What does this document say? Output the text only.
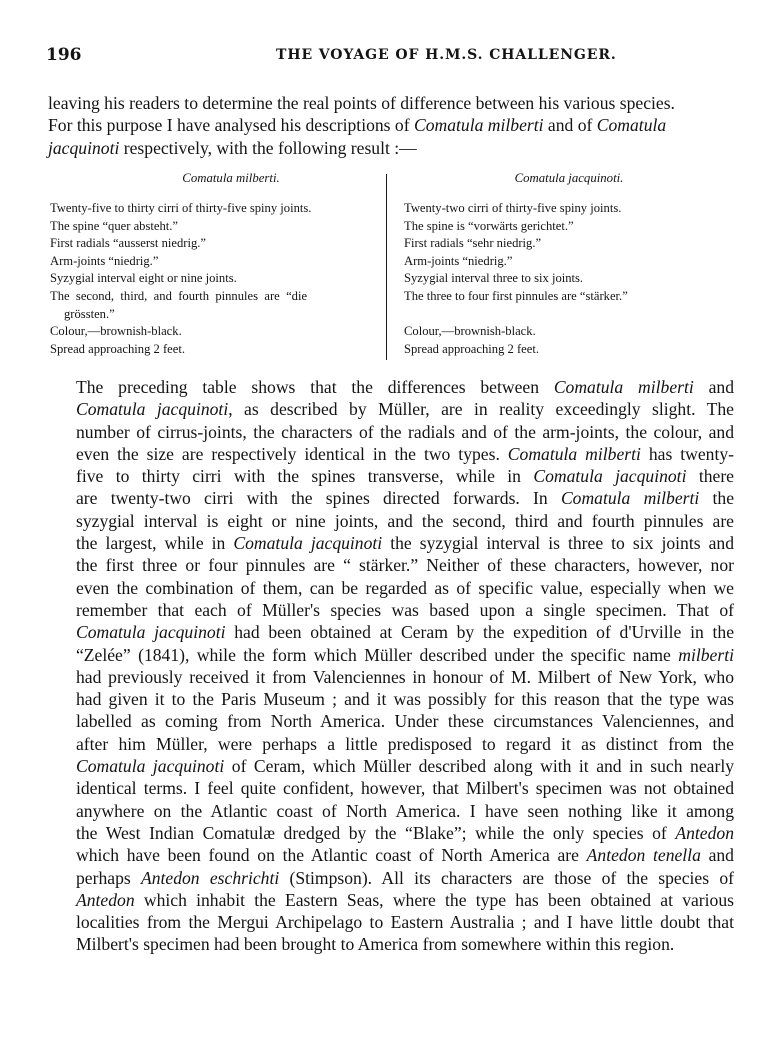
196	THE VOYAGE OF H.M.S. CHALLENGER.
leaving his readers to determine the real points of difference between his various species.
For this purpose I have analysed his descriptions of Comatula milberti and of Comatula
jacquinoti respectively, with the following result :—
Comatula milberti.
Twenty-five to thirty cirri of thirty-five spiny joints.
The spine “quer absteht.”
First radials “ausserst niedrig.”
Arm-joints “niedrig.”
Syzygial interval eight or nine joints.
The second, third, and fourth pinnules are “die
grössten.”
Colour,—brownish-black.
Spread approaching 2 feet.
Comatula jacquinoti.
Twenty-two cirri of thirty-five spiny joints.
The spine is “vorwärts gerichtet.”
First radials “sehr niedrig.”
Arm-joints “niedrig.”
Syzygial interval three to six joints.
The three to four first pinnules are “stärker.”
Colour,—brownish-black.
Spread approaching 2 feet.
The preceding table shows that the differences between Comatula milberti and
Comatula jacquinoti, as described by Müller, are in reality exceedingly slight. The
number of cirrus-joints, the characters of the radials and of the arm-joints, the colour, and
even the size are respectively identical in the two types. Comatula milberti has twenty-
five to thirty cirri with the spines transverse, while in Comatula jacquinoti there
are twenty-two cirri with the spines directed forwards. In Comatula milberti the
syzygial interval is eight or nine joints, and the second, third and fourth pinnules are
the largest, while in Comatula jacquinoti the syzygial interval is three to six joints and
the first three or four pinnules are “ stärker.” Neither of these characters, however, nor
even the combination of them, can be regarded as of specific value, especially when we
remember that each of Müller's species was based upon a single specimen. That of
Comatula jacquinoti had been obtained at Ceram by the expedition of d'Urville in the
“Zelée” (1841), while the form which Müller described under the specific name milberti
had previously received it from Valenciennes in honour of M. Milbert of New York, who
had given it to the Paris Museum ; and it was possibly for this reason that the type was
labelled as coming from North America. Under these circumstances Valenciennes, and
after him Müller, were perhaps a little predisposed to regard it as distinct from the
Comatula jacquinoti of Ceram, which Müller described along with it and in such nearly
identical terms. I feel quite confident, however, that Milbert's specimen was not obtained
anywhere on the Atlantic coast of North America. I have seen nothing like it among
the West Indian Comatulæ dredged by the “Blake”; while the only species of Antedon
which have been found on the Atlantic coast of North America are Antedon tenella and
perhaps Antedon eschrichti (Stimpson). All its characters are those of the species of
Antedon which inhabit the Eastern Seas, where the type has been obtained at various
localities from the Mergui Archipelago to Eastern Australia ; and I have little doubt that
Milbert's specimen had been brought to America from somewhere within this region.
